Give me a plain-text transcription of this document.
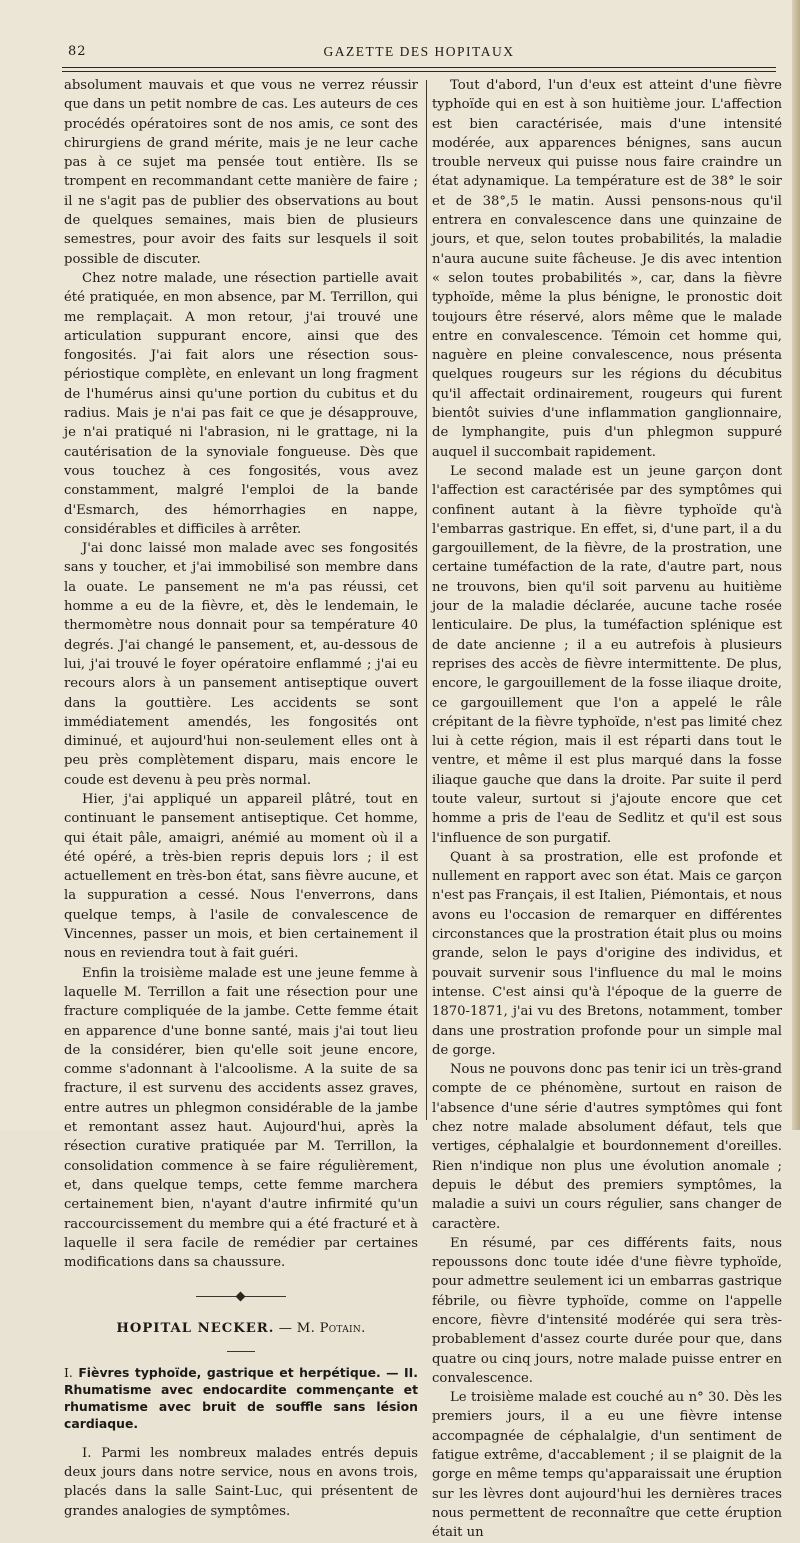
82	GAZETTE DES HOPITAUX

absolument mauvais et que vous ne verrez réussir que dans un petit nombre de cas. Les auteurs de ces procédés opératoires sont de nos amis, ce sont des chirurgiens de grand mérite, mais je ne leur cache pas à ce sujet ma pensée tout entière. Ils se trompent en recommandant cette manière de faire ; il ne s'agit pas de publier des observations au bout de quelques semaines, mais bien de plusieurs semestres, pour avoir des faits sur lesquels il soit possible de discuter.

Chez notre malade, une résection partielle avait été pratiquée, en mon absence, par M. Terrillon, qui me remplaçait. A mon retour, j'ai trouvé une articulation suppurant encore, ainsi que des fongosités. J'ai fait alors une résection sous-périostique complète, en enlevant un long fragment de l'humérus ainsi qu'une portion du cubitus et du radius. Mais je n'ai pas fait ce que je désapprouve, je n'ai pratiqué ni l'abrasion, ni le grattage, ni la cautérisation de la synoviale fongueuse. Dès que vous touchez à ces fongosités, vous avez constamment, malgré l'emploi de la bande d'Esmarch, des hémorrhagies en nappe, considérables et difficiles à arrêter.

J'ai donc laissé mon malade avec ses fongosités sans y toucher, et j'ai immobilisé son membre dans la ouate. Le pansement ne m'a pas réussi, cet homme a eu de la fièvre, et, dès le lendemain, le thermomètre nous donnait pour sa température 40 degrés. J'ai changé le pansement, et, au-dessous de lui, j'ai trouvé le foyer opératoire enflammé ; j'ai eu recours alors à un pansement antiseptique ouvert dans la gouttière. Les accidents se sont immédiatement amendés, les fongosités ont diminué, et aujourd'hui non-seulement elles ont à peu près complètement disparu, mais encore le coude est devenu à peu près normal.

Hier, j'ai appliqué un appareil plâtré, tout en continuant le pansement antiseptique. Cet homme, qui était pâle, amaigri, anémié au moment où il a été opéré, a très-bien repris depuis lors ; il est actuellement en très-bon état, sans fièvre aucune, et la suppuration a cessé. Nous l'enverrons, dans quelque temps, à l'asile de convalescence de Vincennes, passer un mois, et bien certainement il nous en reviendra tout à fait guéri.

Enfin la troisième malade est une jeune femme à laquelle M. Terrillon a fait une résection pour une fracture compliquée de la jambe. Cette femme était en apparence d'une bonne santé, mais j'ai tout lieu de la considérer, bien qu'elle soit jeune encore, comme s'adonnant à l'alcoolisme. A la suite de sa fracture, il est survenu des accidents assez graves, entre autres un phlegmon considérable de la jambe et remontant assez haut. Aujourd'hui, après la résection curative pratiquée par M. Terrillon, la consolidation commence à se faire régulièrement, et, dans quelque temps, cette femme marchera certainement bien, n'ayant d'autre infirmité qu'un raccourcissement du membre qui a été fracturé et à laquelle il sera facile de remédier par certaines modifications dans sa chaussure.

HOPITAL NECKER. — M. Potain.

I. Fièvres typhoïde, gastrique et herpétique. — II. Rhumatisme avec endocardite commençante et rhumatisme avec bruit de souffle sans lésion cardiaque.

I. Parmi les nombreux malades entrés depuis deux jours dans notre service, nous en avons trois, placés dans la salle Saint-Luc, qui présentent de grandes analogies de symptômes.

Tout d'abord, l'un d'eux est atteint d'une fièvre typhoïde qui en est à son huitième jour. L'affection est bien caractérisée, mais d'une intensité modérée, aux apparences bénignes, sans aucun trouble nerveux qui puisse nous faire craindre un état adynamique. La température est de 38° le soir et de 38°,5 le matin. Aussi pensons-nous qu'il entrera en convalescence dans une quinzaine de jours, et que, selon toutes probabilités, la maladie n'aura aucune suite fâcheuse. Je dis avec intention « selon toutes probabilités », car, dans la fièvre typhoïde, même la plus bénigne, le pronostic doit toujours être réservé, alors même que le malade entre en convalescence. Témoin cet homme qui, naguère en pleine convalescence, nous présenta quelques rougeurs sur les régions du décubitus qu'il affectait ordinairement, rougeurs qui furent bientôt suivies d'une inflammation ganglionnaire, de lymphangite, puis d'un phlegmon suppuré auquel il succombait rapidement.

Le second malade est un jeune garçon dont l'affection est caractérisée par des symptômes qui confinent autant à la fièvre typhoïde qu'à l'embarras gastrique. En effet, si, d'une part, il a du gargouillement, de la fièvre, de la prostration, une certaine tuméfaction de la rate, d'autre part, nous ne trouvons, bien qu'il soit parvenu au huitième jour de la maladie déclarée, aucune tache rosée lenticulaire. De plus, la tuméfaction splénique est de date ancienne ; il a eu autrefois à plusieurs reprises des accès de fièvre intermittente. De plus, encore, le gargouillement de la fosse iliaque droite, ce gargouillement que l'on a appelé le râle crépitant de la fièvre typhoïde, n'est pas limité chez lui à cette région, mais il est réparti dans tout le ventre, et même il est plus marqué dans la fosse iliaque gauche que dans la droite. Par suite il perd toute valeur, surtout si j'ajoute encore que cet homme a pris de l'eau de Sedlitz et qu'il est sous l'influence de son purgatif.

Quant à sa prostration, elle est profonde et nullement en rapport avec son état. Mais ce garçon n'est pas Français, il est Italien, Piémontais, et nous avons eu l'occasion de remarquer en différentes circonstances que la prostration était plus ou moins grande, selon le pays d'origine des individus, et pouvait survenir sous l'influence du mal le moins intense. C'est ainsi qu'à l'époque de la guerre de 1870-1871, j'ai vu des Bretons, notamment, tomber dans une prostration profonde pour un simple mal de gorge.

Nous ne pouvons donc pas tenir ici un très-grand compte de ce phénomène, surtout en raison de l'absence d'une série d'autres symptômes qui font chez notre malade absolument défaut, tels que vertiges, céphalalgie et bourdonnement d'oreilles. Rien n'indique non plus une évolution anomale ; depuis le début des premiers symptômes, la maladie a suivi un cours régulier, sans changer de caractère.

En résumé, par ces différents faits, nous repoussons donc toute idée d'une fièvre typhoïde, pour admettre seulement ici un embarras gastrique fébrile, ou fièvre typhoïde, comme on l'appelle encore, fièvre d'intensité modérée qui sera très-probablement d'assez courte durée pour que, dans quatre ou cinq jours, notre malade puisse entrer en convalescence.

Le troisième malade est couché au n° 30. Dès les premiers jours, il a eu une fièvre intense accompagnée de céphalalgie, d'un sentiment de fatigue extrême, d'accablement ; il se plaignit de la gorge en même temps qu'apparaissait une éruption sur les lèvres dont aujourd'hui les dernières traces nous permettent de reconnaître que cette éruption était un
